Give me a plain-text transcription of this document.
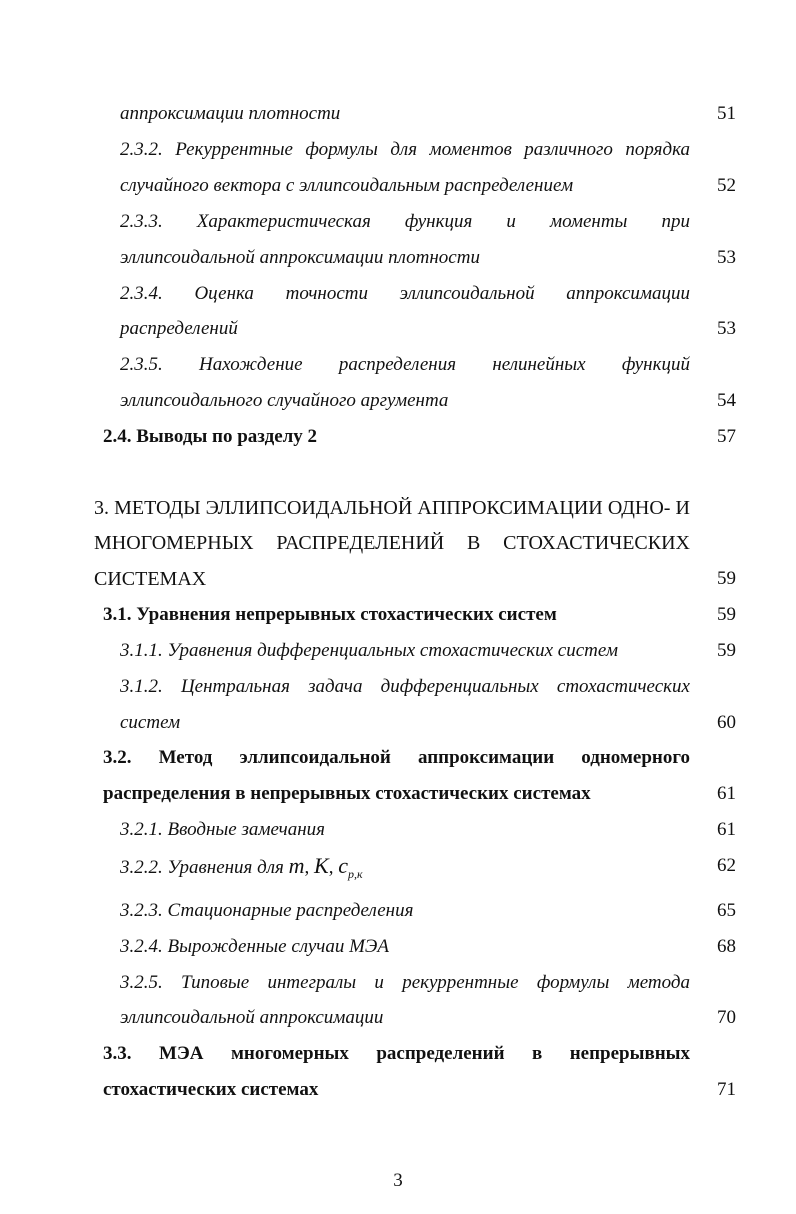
аппроксимации плотности	51
2.3.2. Рекуррентные формулы для моментов различного порядка
случайного вектора с эллипсоидальным распределением	52
2.3.3. Характеристическая функция и моменты при
эллипсоидальной аппроксимации плотности	53
2.3.4. Оценка точности эллипсоидальной аппроксимации
распределений	53
2.3.5. Нахождение распределения нелинейных функций
эллипсоидального случайного аргумента	54
2.4. Выводы по разделу 2	57
3. МЕТОДЫ ЭЛЛИПСОИДАЛЬНОЙ АППРОКСИМАЦИИ ОДНО- И
МНОГОМЕРНЫХ РАСПРЕДЕЛЕНИЙ В СТОХАСТИЧЕСКИХ
СИСТЕМАХ	59
3.1. Уравнения непрерывных стохастических систем	59
3.1.1. Уравнения дифференциальных стохастических систем	59
3.1.2. Центральная задача дифференциальных стохастических
систем	60
3.2. Метод эллипсоидальной аппроксимации одномерного
распределения в непрерывных стохастических системах	61
3.2.1. Вводные замечания	61
3.2.2. Уравнения для m, K, $c_{p,к}$	62
3.2.3. Стационарные распределения	65
3.2.4. Вырожденные случаи МЭА	68
3.2.5. Типовые интегралы и рекуррентные формулы метода
эллипсоидальной аппроксимации	70
3.3. МЭА многомерных распределений в непрерывных
стохастических системах	71
3
